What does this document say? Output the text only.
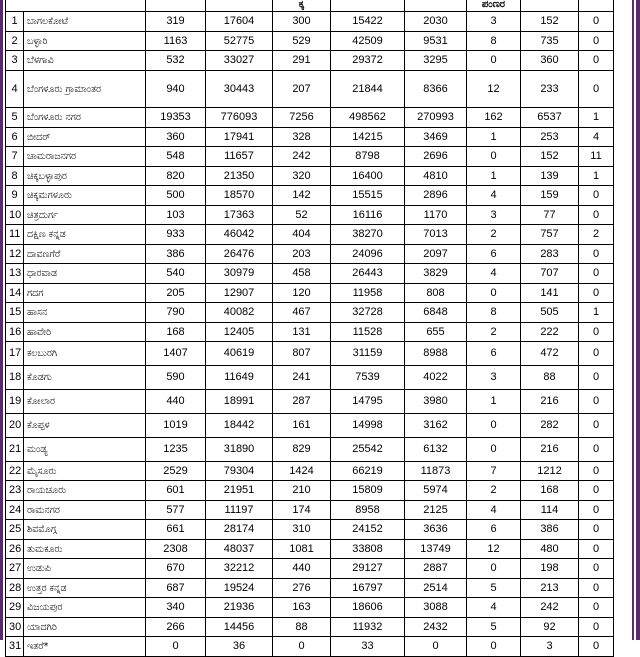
				ಕ್ಕ			ಪಂಣರ		
1	ಬಾಗಲಕೋಟೆ	319	17604	300	15422	2030	3	152	0
2	ಬಳ್ಳಾರಿ	1163	52775	529	42509	9531	8	735	0
3	ಬೆಳಗಾವಿ	532	33027	291	29372	3295	0	360	0
4	ಬೆಂಗಳೂರು ಗ್ರಾಮಾಂತರ	940	30443	207	21844	8366	12	233	0
5	ಬೆಂಗಳೂರು ನಗರ	19353	776093	7256	498562	270993	162	6537	1
6	ಬೀದರ್	360	17941	328	14215	3469	1	253	4
7	ಚಾಮರಾಜನಗರ	548	11657	242	8798	2696	0	152	11
8	ಚಿಕ್ಕಬಳ್ಳಾಪುರ	820	21350	320	16400	4810	1	139	1
9	ಚಿಕ್ಕಮಗಳೂರು	500	18570	142	15515	2896	4	159	0
10	ಚಿತ್ರದುರ್ಗ	103	17363	52	16116	1170	3	77	0
11	ದಕ್ಷಿಣ ಕನ್ನಡ	933	46042	404	38270	7013	2	757	2
12	ದಾವಣಗೆರೆ	386	26476	203	24096	2097	6	283	0
13	ಧಾರವಾಡ	540	30979	458	26443	3829	4	707	0
14	ಗದಗ	205	12907	120	11958	808	0	141	0
15	ಹಾಸನ	790	40082	467	32728	6848	8	505	1
16	ಹಾವೇರಿ	168	12405	131	11528	655	2	222	0
17	ಕಲಬುರಗಿ	1407	40619	807	31159	8988	6	472	0
18	ಕೊಡಗು	590	11649	241	7539	4022	3	88	0
19	ಕೋಲಾರ	440	18991	287	14795	3980	1	216	0
20	ಕೊಪ್ಪಳ	1019	18442	161	14998	3162	0	282	0
21	ಮಂಡ್ಯ	1235	31890	829	25542	6132	0	216	0
22	ಮೈಸೂರು	2529	79304	1424	66219	11873	7	1212	0
23	ರಾಯಚೂರು	601	21951	210	15809	5974	2	168	0
24	ರಾಮನಗರ	577	11197	174	8958	2125	4	114	0
25	ಶಿವಮೊಗ್ಗ	661	28174	310	24152	3636	6	386	0
26	ತುಮಕೂರು	2308	48037	1081	33808	13749	12	480	0
27	ಉಡುಪಿ	670	32212	440	29127	2887	0	198	0
28	ಉತ್ತರ ಕನ್ನಡ	687	19524	276	16797	2514	5	213	0
29	ವಿಜಯಪುರ	340	21936	163	18606	3088	4	242	0
30	ಯಾದಗಿರಿ	266	14456	88	11932	2432	5	92	0
31	ಇತರೆ*	0	36	0	33	0	0	3	0
